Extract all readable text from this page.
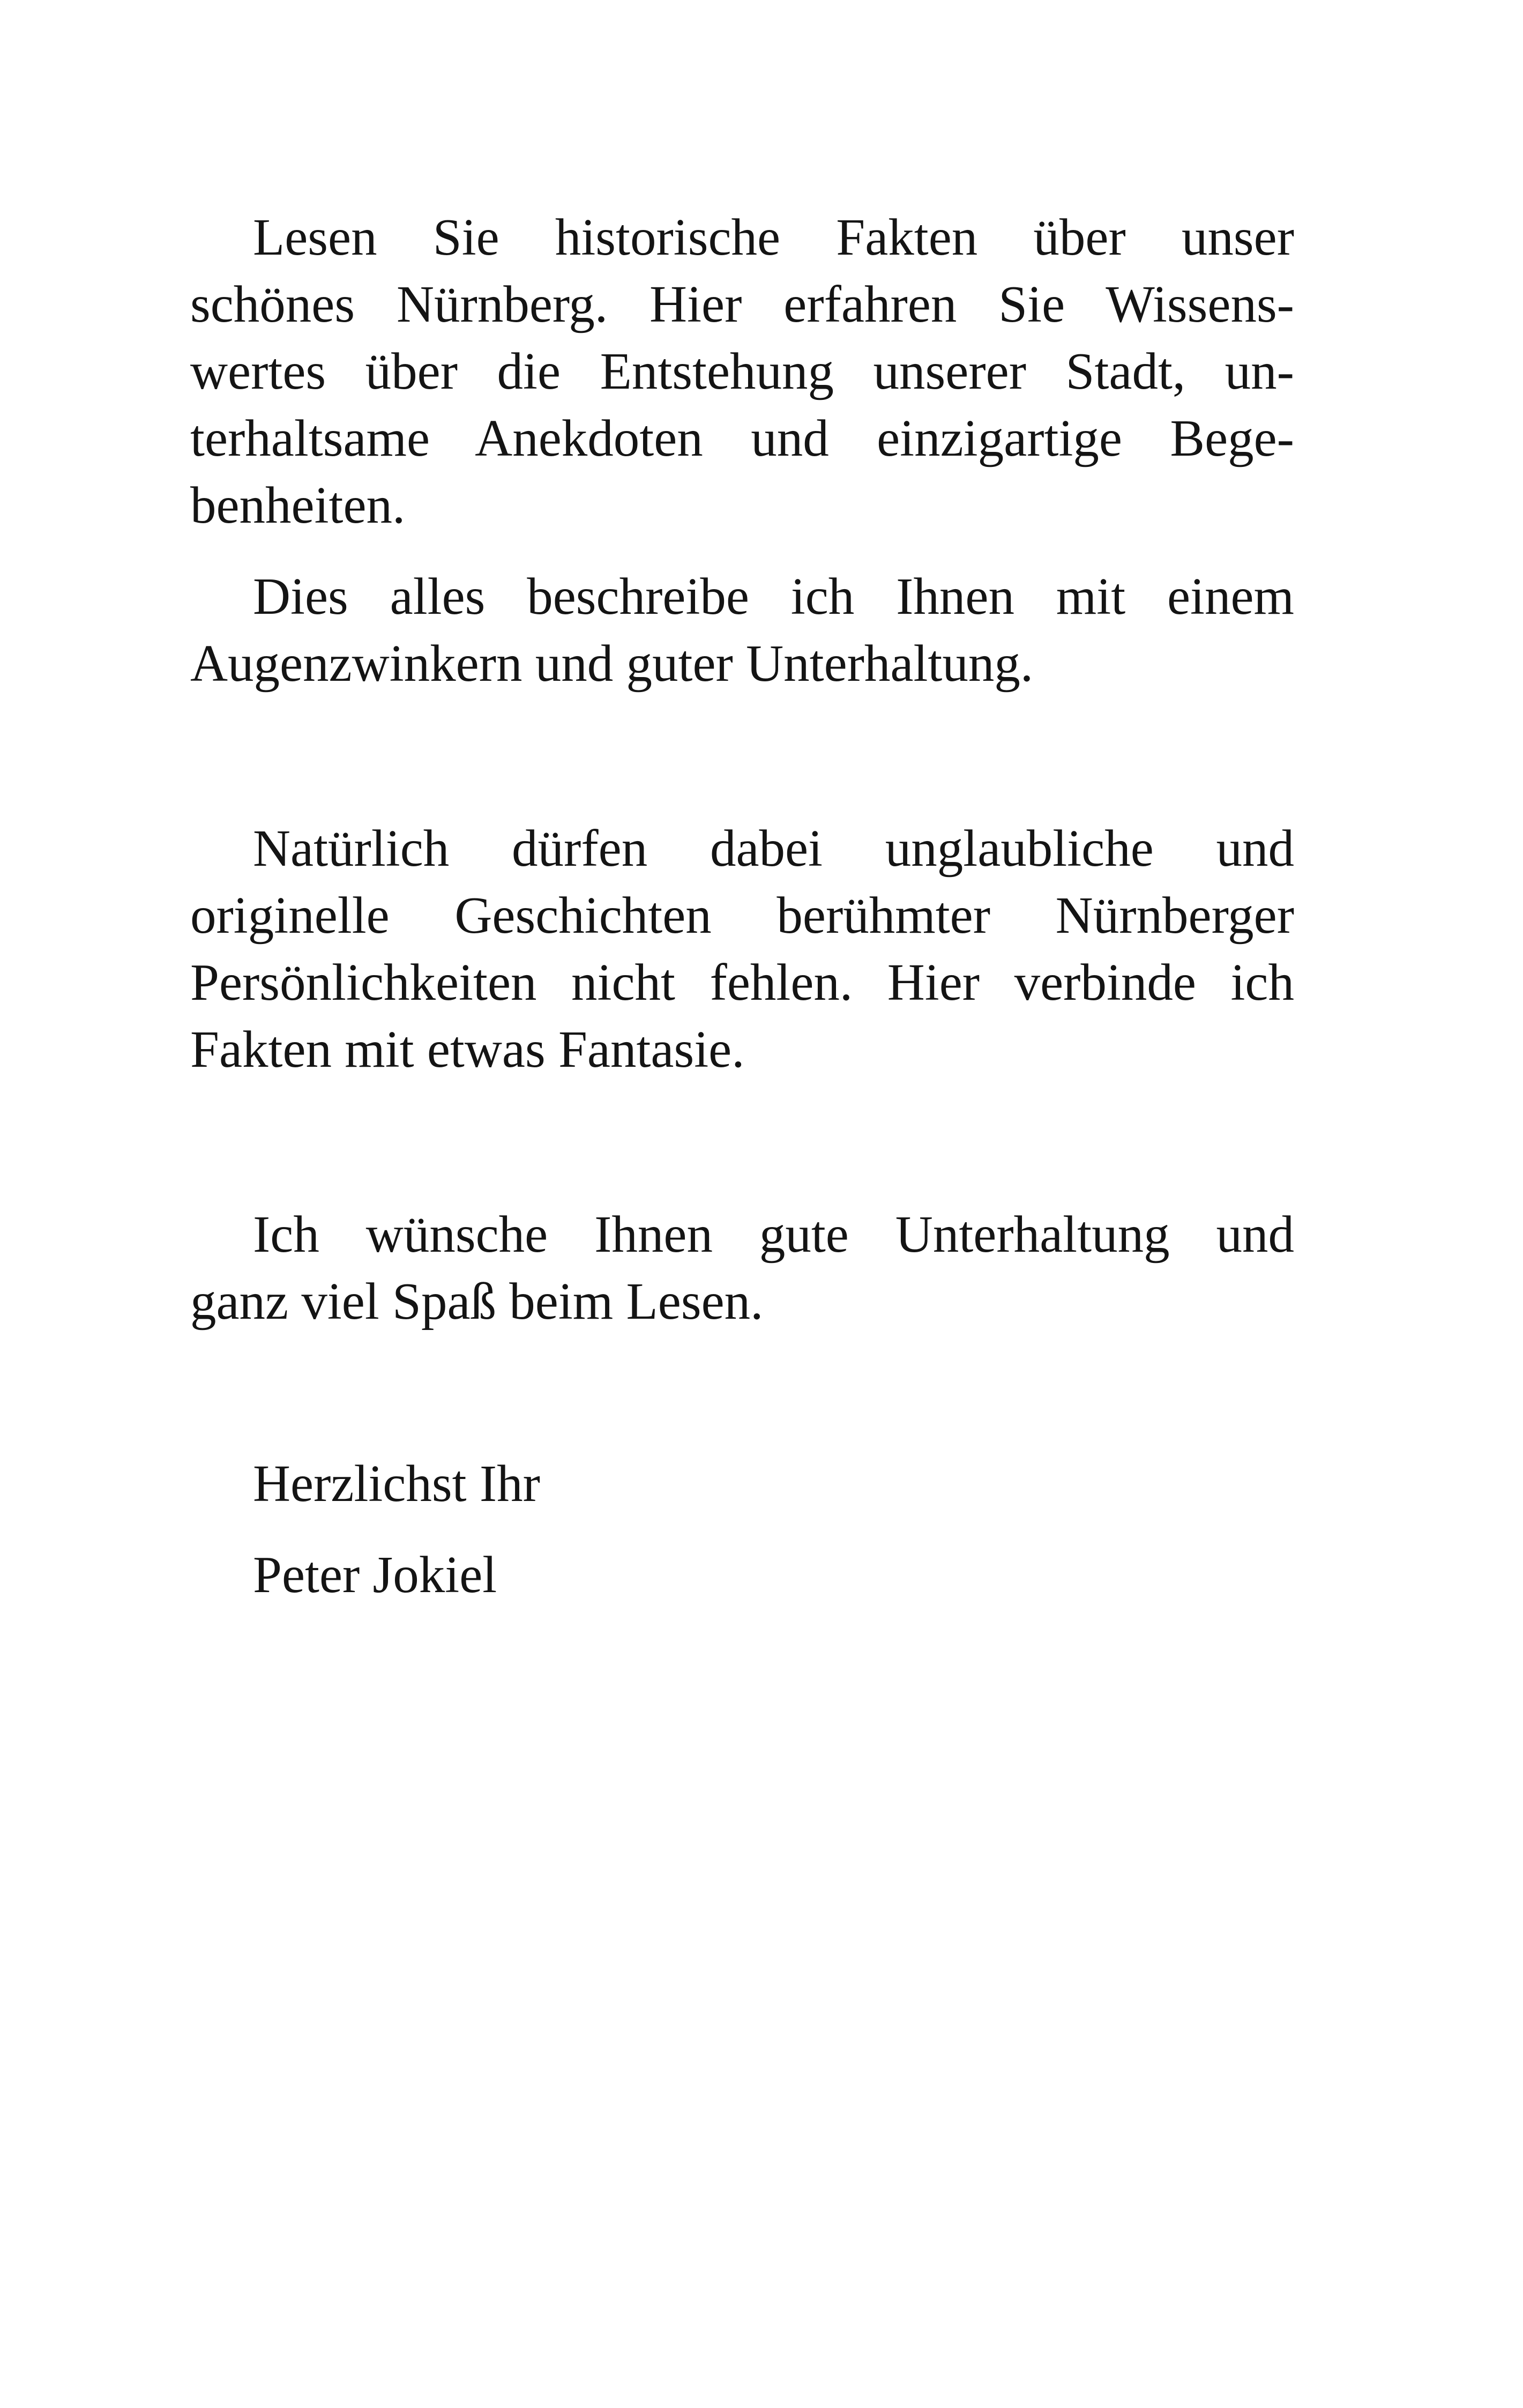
Lesen Sie historische Fakten über unser
schönes Nürnberg. Hier erfahren Sie Wissens-
wertes über die Entstehung unserer Stadt, un-
terhaltsame Anekdoten und einzigartige Bege-
benheiten.

Dies alles beschreibe ich Ihnen mit einem
Augenzwinkern und guter Unterhaltung.

Natürlich dürfen dabei unglaubliche und
originelle Geschichten berühmter Nürnberger
Persönlichkeiten nicht fehlen. Hier verbinde ich
Fakten mit etwas Fantasie.

Ich wünsche Ihnen gute Unterhaltung und
ganz viel Spaß beim Lesen.

Herzlichst Ihr

Peter Jokiel
